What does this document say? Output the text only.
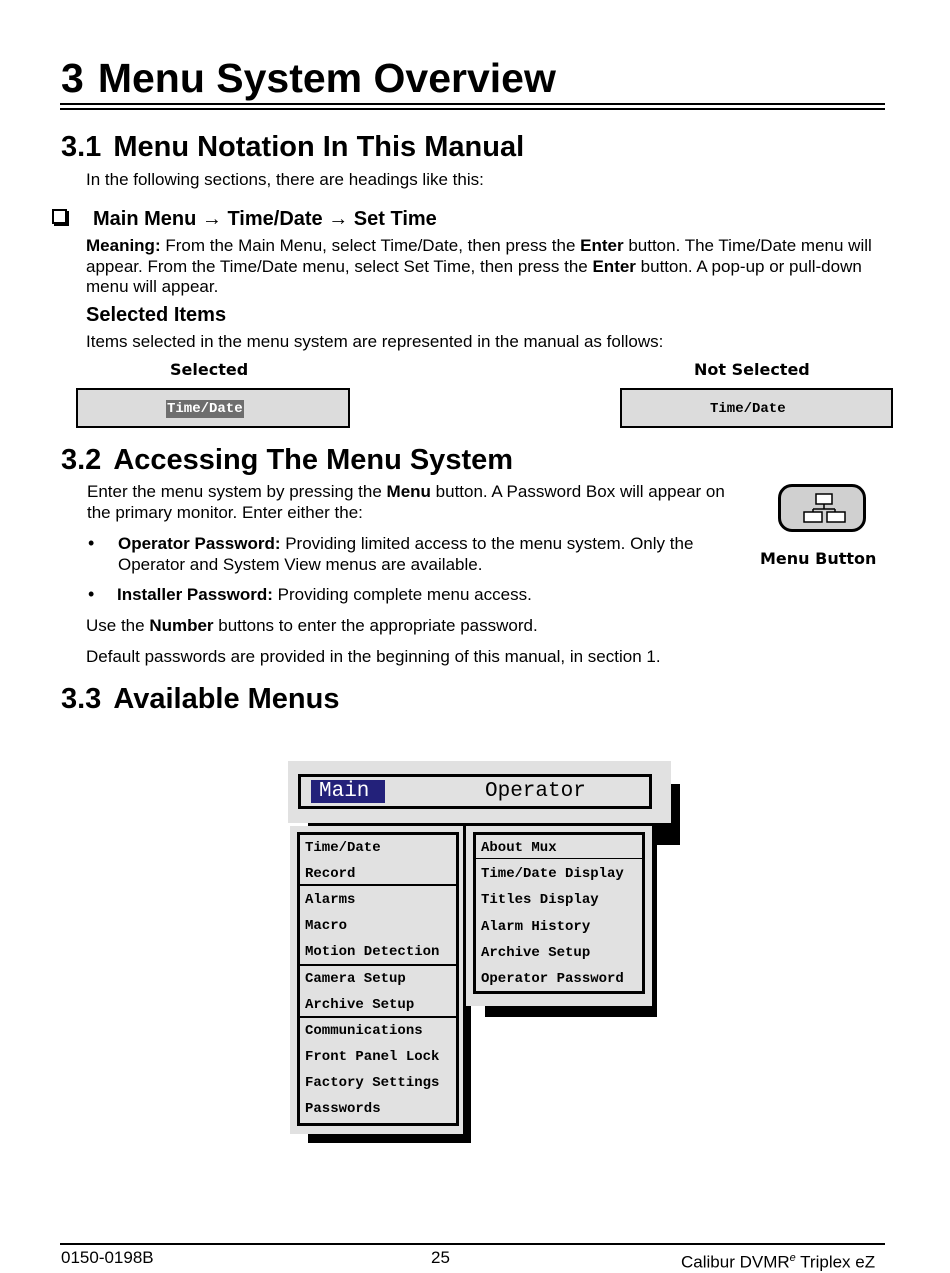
3 Menu System Overview
3.1 Menu Notation In This Manual

In the following sections, there are headings like this:

Main Menu → Time/Date → Set Time

Meaning: From the Main Menu, select Time/Date, then press the Enter button. The Time/Date menu will appear. From the Time/Date menu, select Set Time, then press the Enter button. A pop-up or pull-down menu will appear.

Selected Items

Items selected in the menu system are represented in the manual as follows:

Selected	Not Selected
Time/Date	Time/Date
3.2 Accessing The Menu System

Enter the menu system by pressing the Menu button. A Password Box will appear on the primary monitor. Enter either the:

• Operator Password: Providing limited access to the menu system. Only the Operator and System View menus are available.

• Installer Password: Providing complete menu access.

Use the Number buttons to enter the appropriate password.

Default passwords are provided in the beginning of this manual, in section 1.

Menu Button
3.3 Available Menus
Main	Operator
Time/Date
Record
Alarms
Macro
Motion Detection
Camera Setup
Archive Setup
Communications
Front Panel Lock
Factory Settings
Passwords
About Mux
Time/Date Display
Titles Display
Alarm History
Archive Setup
Operator Password
0150-0198B	25	Calibur DVMR$^e$ Triplex eZ
